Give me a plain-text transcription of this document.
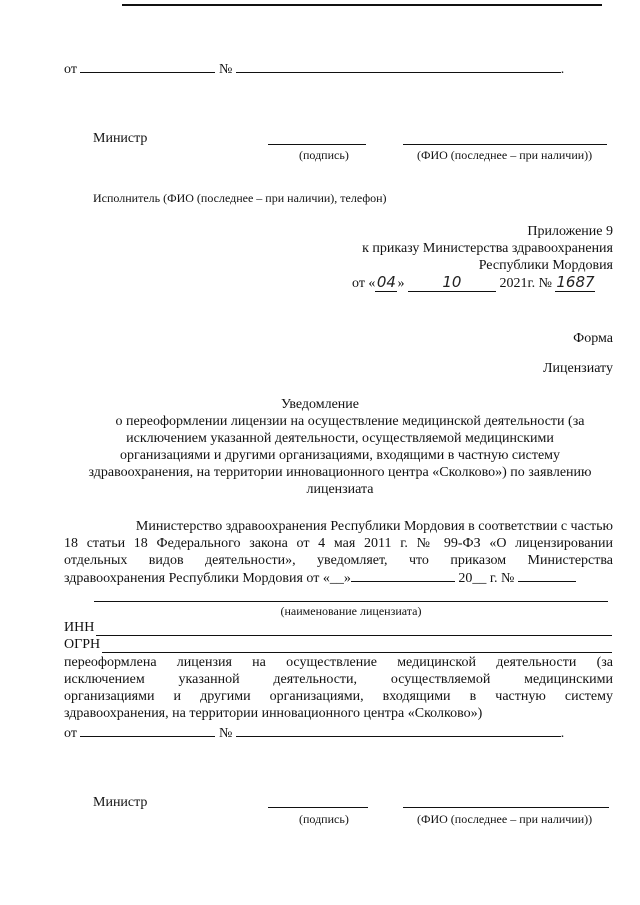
от	№	.
Министр
(подпись)	(ФИО (последнее – при наличии))
Исполнитель (ФИО (последнее – при наличии), телефон)
Приложение 9
к приказу Министерства здравоохранения
Республики Мордовия
от «04»	10	2021г. № 1687
Форма
Лицензиату
Уведомление
о переоформлении лицензии на осуществление медицинской деятельности (за
исключением указанной деятельности, осуществляемой медицинскими
организациями и другими организациями, входящими в частную систему
здравоохранения, на территории инновационного центра «Сколково») по заявлению
лицензиата
Министерство здравоохранения Республики Мордовия в соответствии с частью
18 статьи 18 Федерального закона от 4 мая 2011 г. № 99-ФЗ «О лицензировании
отдельных видов деятельности», уведомляет, что приказом Министерства
здравоохранения Республики Мордовия от «__»	20__ г. №
(наименование лицензиата)
ИНН
ОГРН
переоформлена лицензия на осуществление медицинской деятельности (за
исключением указанной деятельности, осуществляемой медицинскими
организациями и другими организациями, входящими в частную систему
здравоохранения, на территории инновационного центра «Сколково»)
от	№	.
Министр
(подпись)	(ФИО (последнее – при наличии))
